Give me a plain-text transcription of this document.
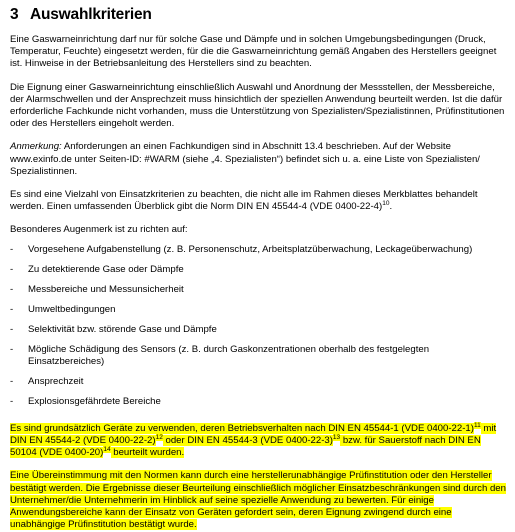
3 Auswahlkriterien

Eine Gaswarneinrichtung darf nur für solche Gase und Dämpfe und in solchen Umgebungsbedingungen (Druck, Temperatur, Feuchte) eingesetzt werden, für die die Gaswarneinrichtung gemäß Angaben des Herstellers geeignet ist. Hinweise in der Betriebsanleitung des Herstellers sind zu beachten.

Die Eignung einer Gaswarneinrichtung einschließlich Auswahl und Anordnung der Messstellen, der Messbereiche, der Alarmschwellen und der Ansprechzeit muss hinsichtlich der speziellen Anwendung beurteilt werden. Ist die dafür erforderliche Fachkunde nicht vorhanden, muss die Unterstützung von Spezialisten/Spezialistinnen, Prüfinstitutionen oder des Herstellers eingeholt werden.

Anmerkung: Anforderungen an einen Fachkundigen sind in Abschnitt 13.4 beschrieben. Auf der Website www.exinfo.de unter Seiten-ID: #WARM (siehe „4. Spezialisten“) befindet sich u. a. eine Liste von Spezialisten/ Spezialistinnen.

Es sind eine Vielzahl von Einsatzkriterien zu beachten, die nicht alle im Rahmen dieses Merkblattes behandelt werden. Einen umfassenden Überblick gibt die Norm DIN EN 45544-4 (VDE 0400-22-4)$^{10}$.

Besonderes Augenmerk ist zu richten auf:

- Vorgesehene Aufgabenstellung (z. B. Personenschutz, Arbeitsplatzüberwachung, Leckageüberwachung)
- Zu detektierende Gase oder Dämpfe
- Messbereiche und Messunsicherheit
- Umweltbedingungen
- Selektivität bzw. störende Gase und Dämpfe
- Mögliche Schädigung des Sensors (z. B. durch Gaskonzentrationen oberhalb des festgelegten Einsatzbereiches)
- Ansprechzeit
- Explosionsgefährdete Bereiche

Es sind grundsätzlich Geräte zu verwenden, deren Betriebsverhalten nach DIN EN 45544-1 (VDE 0400-22-1)$^{11}$ mit DIN EN 45544-2 (VDE 0400-22-2)$^{12}$ oder DIN EN 45544-3 (VDE 0400-22-3)$^{13}$ bzw. für Sauerstoff nach DIN EN 50104 (VDE 0400-20)$^{14}$ beurteilt wurden.

Eine Übereinstimmung mit den Normen kann durch eine herstellerunabhängige Prüfinstitution oder den Hersteller bestätigt werden. Die Ergebnisse dieser Beurteilung einschließlich möglicher Einsatzbeschränkungen sind durch den Unternehmer/die Unternehmerin im Hinblick auf seine spezielle Anwendung zu bewerten. Für einige Anwendungsbereiche kann der Einsatz von Geräten gefordert sein, deren Eignung zwingend durch eine unabhängige Prüfinstitution bestätigt wurde.
